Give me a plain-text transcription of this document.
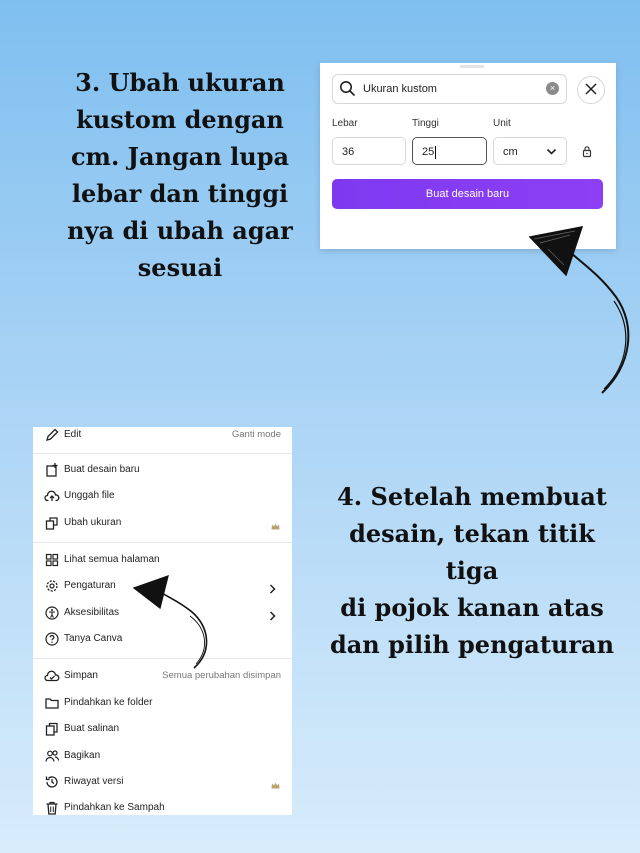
3. Ubah ukuran
kustom dengan
cm. Jangan lupa
lebar dan tinggi
nya di ubah agar
sesuai
Ukuran kustom
×
Lebar	Tinggi	Unit
36	25	cm
Buat desain baru
Edit	Ganti mode
Buat desain baru
Unggah file
Ubah ukuran
Lihat semua halaman
Pengaturan
Aksesibilitas
Tanya Canva
Simpan	Semua perubahan disimpan
Pindahkan ke folder
Buat salinan
Bagikan
Riwayat versi
Pindahkan ke Sampah
4. Setelah membuat
desain, tekan titik tiga
di pojok kanan atas
dan pilih pengaturan
